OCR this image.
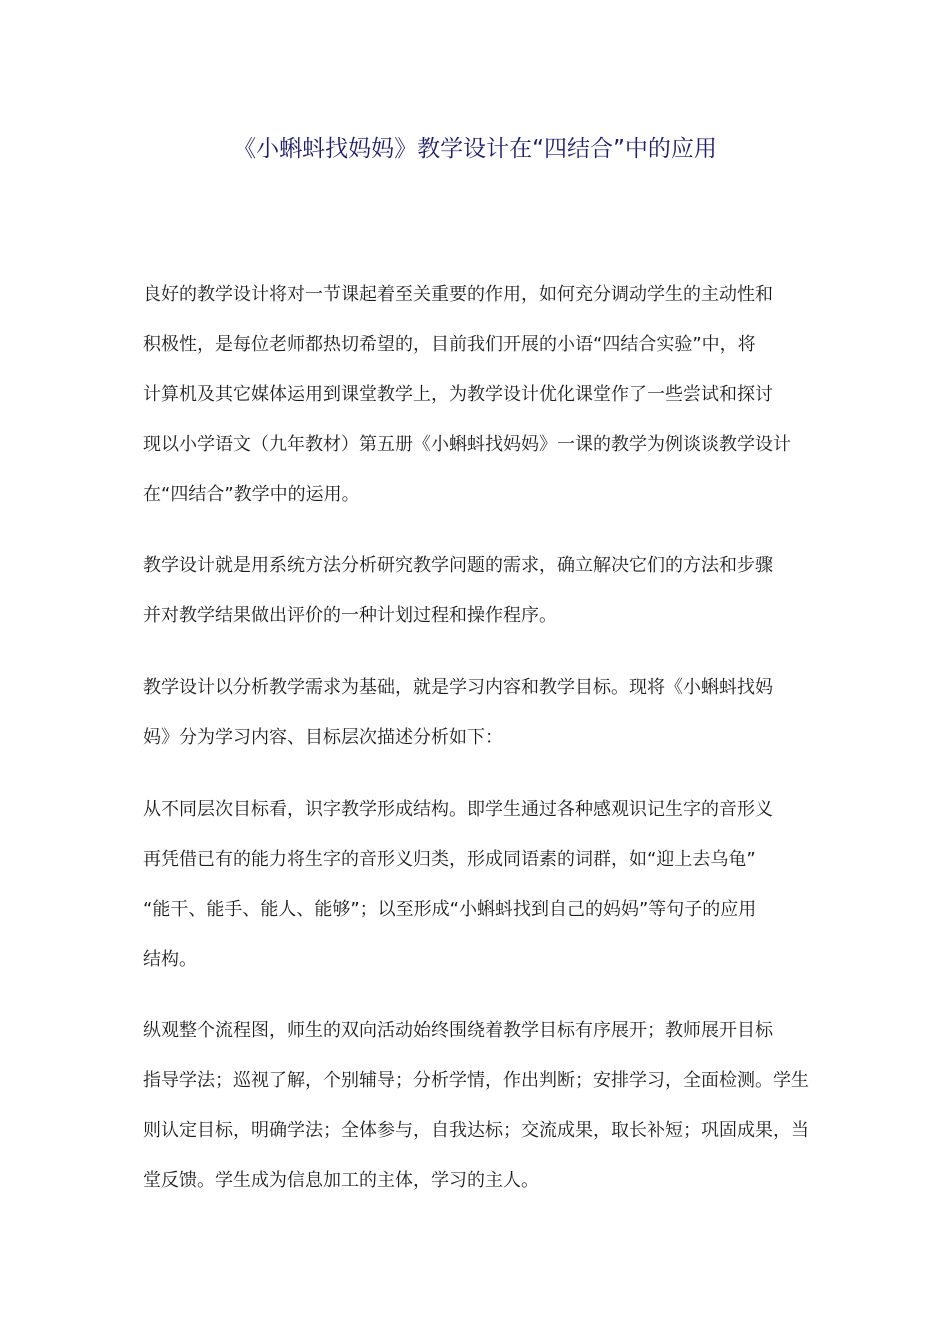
《小蝌蚪找妈妈》教学设计在“四结合”中的应用
良好的教学设计将对一节课起着至关重要的作用，如何充分调动学生的主动性和
积极性，是每位老师都热切希望的，目前我们开展的小语“四结合实验”中，将
计算机及其它媒体运用到课堂教学上，为教学设计优化课堂作了一些尝试和探讨
现以小学语文（九年教材）第五册《小蝌蚪找妈妈》一课的教学为例谈谈教学设计
在“四结合”教学中的运用。
教学设计就是用系统方法分析研究教学问题的需求，确立解决它们的方法和步骤
并对教学结果做出评价的一种计划过程和操作程序。
教学设计以分析教学需求为基础，就是学习内容和教学目标。现将《小蝌蚪找妈
妈》分为学习内容、目标层次描述分析如下：
从不同层次目标看，识字教学形成结构。即学生通过各种感观识记生字的音形义
再凭借已有的能力将生字的音形义归类，形成同语素的词群，如“迎上去乌龟”
“能干、能手、能人、能够”；以至形成“小蝌蚪找到自己的妈妈”等句子的应用
结构。
纵观整个流程图，师生的双向活动始终围绕着教学目标有序展开；教师展开目标
指导学法；巡视了解，个别辅导；分析学情，作出判断；安排学习，全面检测。学生
则认定目标，明确学法；全体参与，自我达标；交流成果，取长补短；巩固成果，当
堂反馈。学生成为信息加工的主体，学习的主人。
